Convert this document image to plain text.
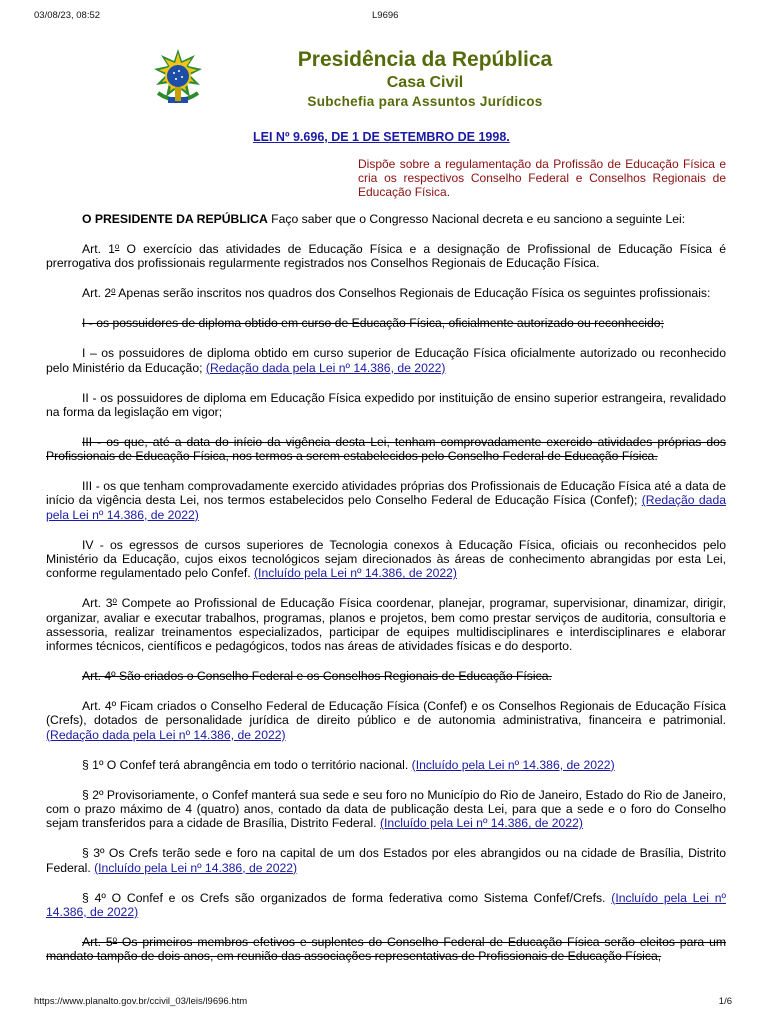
03/08/23, 08:52	L9696
Presidência da República
Casa Civil
Subchefia para Assuntos Jurídicos
LEI Nº 9.696, DE 1 DE SETEMBRO DE 1998.
Dispõe sobre a regulamentação da Profissão de Educação Física e cria os respectivos Conselho Federal e Conselhos Regionais de Educação Física.

O PRESIDENTE DA REPÚBLICA Faço saber que o Congresso Nacional decreta e eu sanciono a seguinte Lei:

Art. 1$^o$ O exercício das atividades de Educação Física e a designação de Profissional de Educação Física é prerrogativa dos profissionais regularmente registrados nos Conselhos Regionais de Educação Física.

Art. 2$^o$ Apenas serão inscritos nos quadros dos Conselhos Regionais de Educação Física os seguintes profissionais:

I - os possuidores de diploma obtido em curso de Educação Física, oficialmente autorizado ou reconhecido;

I – os possuidores de diploma obtido em curso superior de Educação Física oficialmente autorizado ou reconhecido pelo Ministério da Educação; (Redação dada pela Lei nº 14.386, de 2022)

II - os possuidores de diploma em Educação Física expedido por instituição de ensino superior estrangeira, revalidado na forma da legislação em vigor;

III - os que, até a data do início da vigência desta Lei, tenham comprovadamente exercido atividades próprias dos Profissionais de Educação Física, nos termos a serem estabelecidos pelo Conselho Federal de Educação Física.

III - os que tenham comprovadamente exercido atividades próprias dos Profissionais de Educação Física até a data de início da vigência desta Lei, nos termos estabelecidos pelo Conselho Federal de Educação Física (Confef); (Redação dada pela Lei nº 14.386, de 2022)

IV - os egressos de cursos superiores de Tecnologia conexos à Educação Física, oficiais ou reconhecidos pelo Ministério da Educação, cujos eixos tecnológicos sejam direcionados às áreas de conhecimento abrangidas por esta Lei, conforme regulamentado pelo Confef. (Incluído pela Lei nº 14.386, de 2022)

Art. 3$^o$ Compete ao Profissional de Educação Física coordenar, planejar, programar, supervisionar, dinamizar, dirigir, organizar, avaliar e executar trabalhos, programas, planos e projetos, bem como prestar serviços de auditoria, consultoria e assessoria, realizar treinamentos especializados, participar de equipes multidisciplinares e interdisciplinares e elaborar informes técnicos, científicos e pedagógicos, todos nas áreas de atividades físicas e do desporto.

Art. 4º São criados o Conselho Federal e os Conselhos Regionais de Educação Física.

Art. 4º Ficam criados o Conselho Federal de Educação Física (Confef) e os Conselhos Regionais de Educação Física (Crefs), dotados de personalidade jurídica de direito público e de autonomia administrativa, financeira e patrimonial. (Redação dada pela Lei nº 14.386, de 2022)

§ 1º O Confef terá abrangência em todo o território nacional. (Incluído pela Lei nº 14.386, de 2022)

§ 2º Provisoriamente, o Confef manterá sua sede e seu foro no Município do Rio de Janeiro, Estado do Rio de Janeiro, com o prazo máximo de 4 (quatro) anos, contado da data de publicação desta Lei, para que a sede e o foro do Conselho sejam transferidos para a cidade de Brasília, Distrito Federal. (Incluído pela Lei nº 14.386, de 2022)

§ 3º Os Crefs terão sede e foro na capital de um dos Estados por eles abrangidos ou na cidade de Brasília, Distrito Federal. (Incluído pela Lei nº 14.386, de 2022)

§ 4º O Confef e os Crefs são organizados de forma federativa como Sistema Confef/Crefs. (Incluído pela Lei nº 14.386, de 2022)

Art. 5$^o$ Os primeiros membros efetivos e suplentes do Conselho Federal de Educação Física serão eleitos para um mandato tampão de dois anos, em reunião das associações representativas de Profissionais de Educação Física,

https://www.planalto.gov.br/ccivil_03/leis/l9696.htm	1/6
